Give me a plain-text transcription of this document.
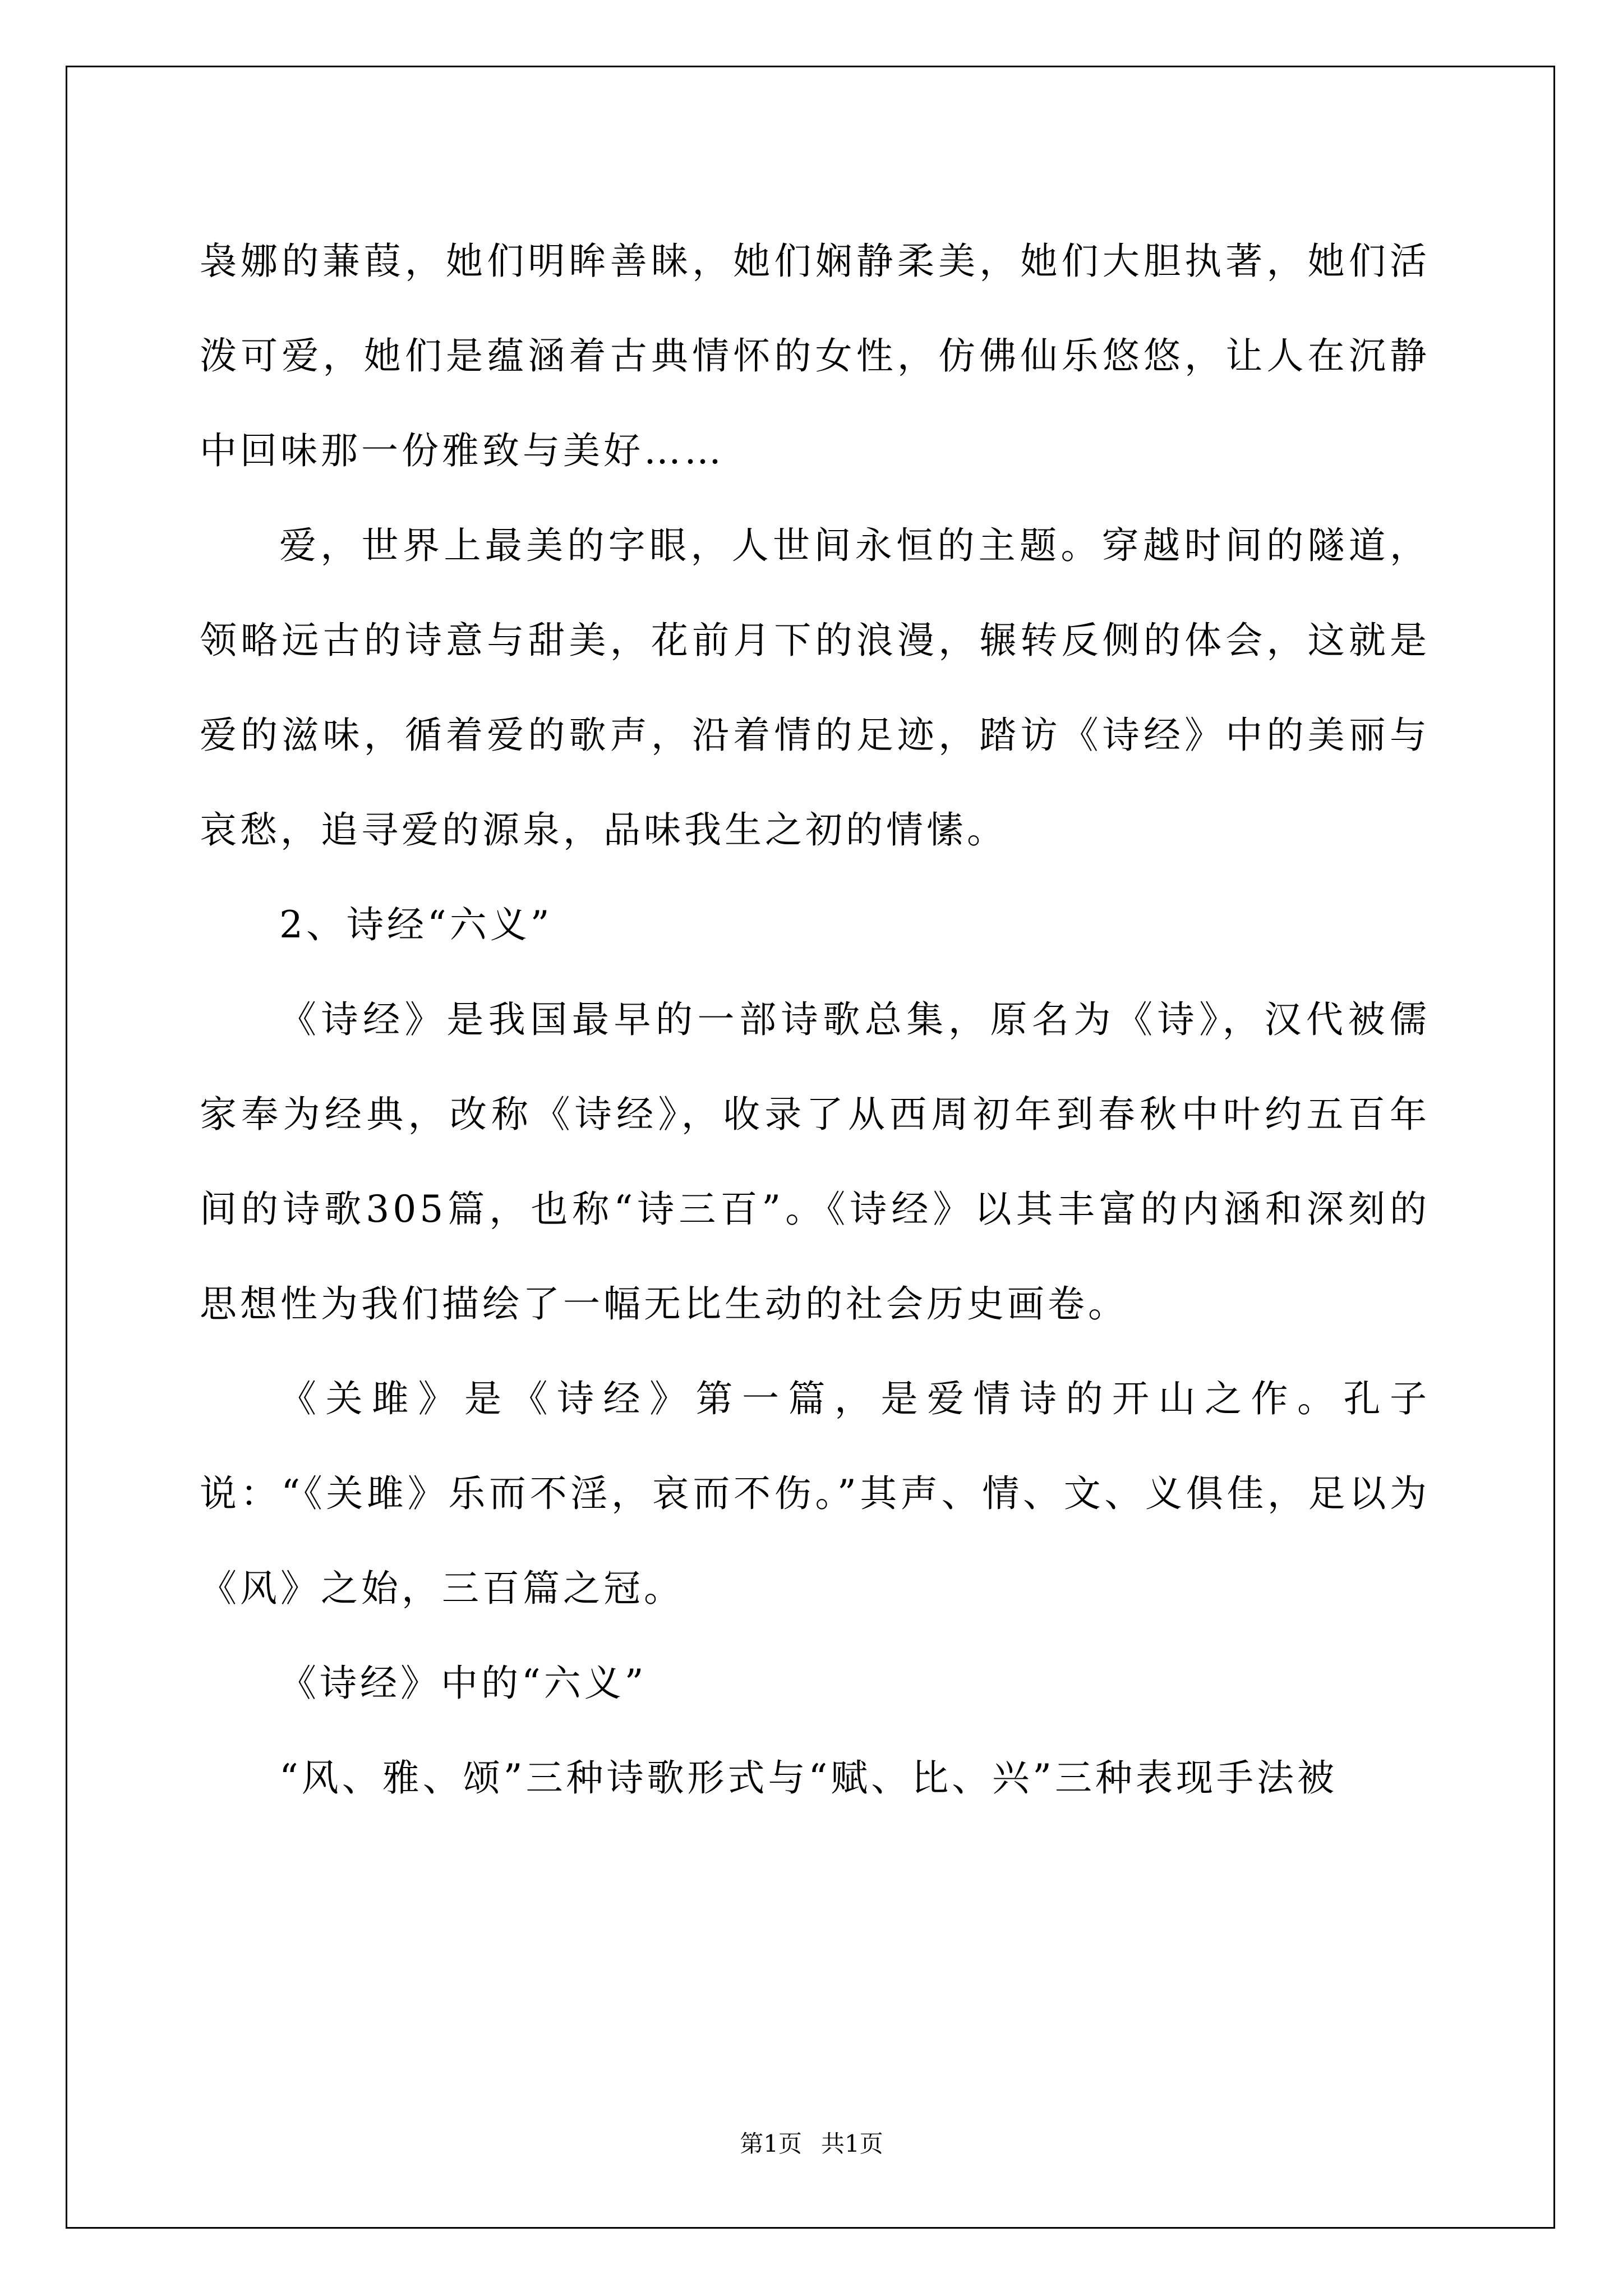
袅娜的蒹葭，她们明眸善睐，她们娴静柔美，她们大胆执著，她们活泼可爱，她们是蕴涵着古典情怀的女性，仿佛仙乐悠悠，让人在沉静中回味那一份雅致与美好……

爱，世界上最美的字眼，人世间永恒的主题。穿越时间的隧道，领略远古的诗意与甜美，花前月下的浪漫，辗转反侧的体会，这就是爱的滋味，循着爱的歌声，沿着情的足迹，踏访《诗经》中的美丽与哀愁，追寻爱的源泉，品味我生之初的情愫。

2、诗经“六义”

《诗经》是我国最早的一部诗歌总集，原名为《诗》，汉代被儒家奉为经典，改称《诗经》，收录了从西周初年到春秋中叶约五百年间的诗歌305篇，也称“诗三百”。《诗经》以其丰富的内涵和深刻的思想性为我们描绘了一幅无比生动的社会历史画卷。

《关雎》是《诗经》第一篇，是爱情诗的开山之作。孔子说：“《关雎》乐而不淫，哀而不伤。”其声、情、文、义俱佳，足以为《风》之始，三百篇之冠。

《诗经》中的“六义”

“风、雅、颂”三种诗歌形式与“赋、比、兴”三种表现手法被

第1页 共1页
